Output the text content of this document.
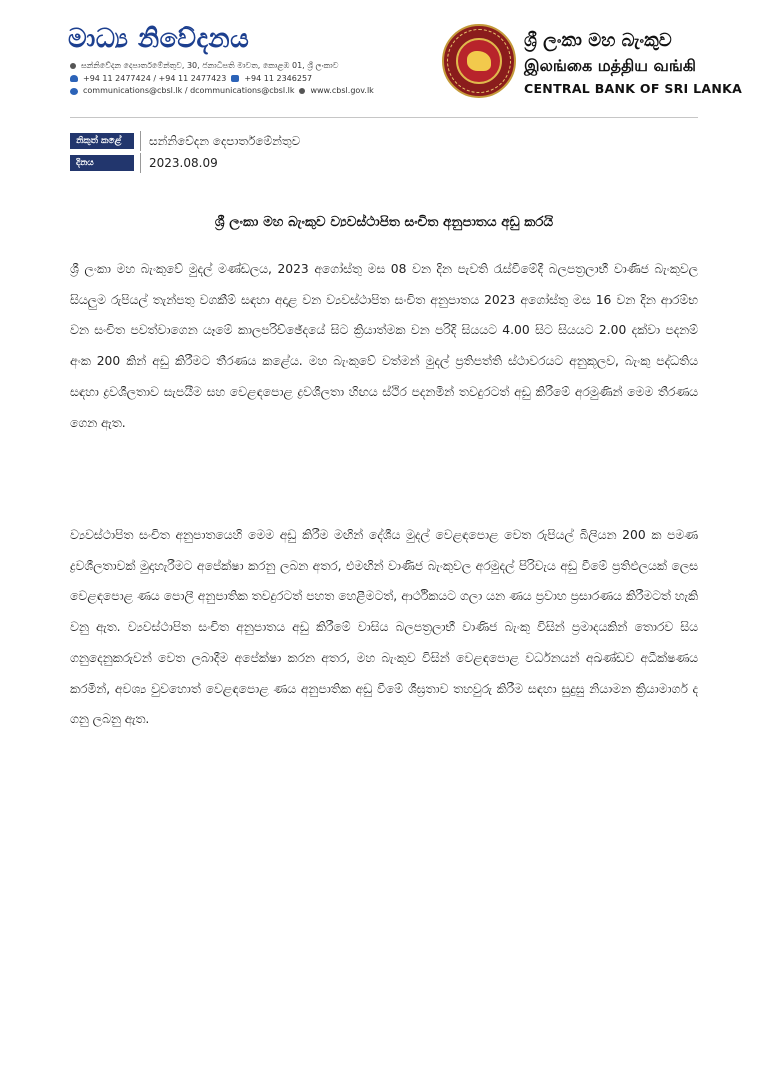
මාධ්‍ය නිවේදනය
සන්නිවේදන දෙපාර්තමේන්තුව, 30, ජනාධිපති මාවත, කොළඹ 01, ශ්‍රී ලංකාව
+94 11 2477424 / +94 11 2477423 +94 11 2346257
communications@cbsl.lk / dcommunications@cbsl.lk www.cbsl.gov.lk
ශ්‍රී ලංකා මහ බැංකුව
இலங்கை மத்திய வங்கி
CENTRAL BANK OF SRI LANKA
නිකුත් කළේ	සන්නිවේදන දෙපාර්තමේන්තුව
දිනය	2023.08.09
ශ්‍රී ලංකා මහ බැංකුව ව්‍යවස්ථාපිත සංචිත අනුපාතය අඩු කරයි

ශ්‍රී ලංකා මහ බැංකුවේ මුදල් මණ්ඩලය, 2023 අගෝස්තු මස 08 වන දින පැවති රැස්වීමේදී බලපත්‍රලාභී වාණිජ බැංකුවල සියලුම රුපියල් තැන්පතු වගකීම් සඳහා අදාළ වන ව්‍යවස්ථාපිත සංචිත අනුපාතය 2023 අගෝස්තු මස 16 වන දින ආරම්භ වන සංචිත පවත්වාගෙන යෑමේ කාලපරිච්ඡේදයේ සිට ක්‍රියාත්මක වන පරිදි සියයට 4.00 සිට සියයට 2.00 දක්වා පදනම් අංක 200 කින් අඩු කිරීමට තීරණය කළේය. මහ බැංකුවේ වත්මන් මුදල් ප්‍රතිපත්ති ස්ථාවරයට අනුකූලව, බැංකු පද්ධතිය සඳහා ද්‍රවශීලතාව සැපයීම සහ වෙළඳපොළ ද්‍රවශීලතා හිඟය ස්ථිර පදනමින් තවදුරටත් අඩු කිරීමේ අරමුණින් මෙම තීරණය ගෙන ඇත.

ව්‍යවස්ථාපිත සංචිත අනුපාතයෙහි මෙම අඩු කිරීම මඟින් දේශීය මුදල් වෙළඳපොළ වෙත රුපියල් බිලියන 200 ක පමණ ද්‍රවශීලතාවක් මුදාහැරීමට අපේක්ෂා කරනු ලබන අතර, එමඟින් වාණිජ බැංකුවල අරමුදල් පිරිවැය අඩු වීමේ ප්‍රතිඵලයක් ලෙස වෙළඳපොළ ණය පොලී අනුපාතික තවදුරටත් පහත හෙළීමටත්, ආර්ථිකයට ගලා යන ණය ප්‍රවාහ ප්‍රසාරණය කිරීමටත් හැකි වනු ඇත. ව්‍යවස්ථාපිත සංචිත අනුපාතය අඩු කිරීමේ වාසිය බලපත්‍රලාභී වාණිජ බැංකු විසින් ප්‍රමාදයකින් තොරව සිය ගනුදෙනුකරුවන් වෙත ලබාදීම අපේක්ෂා කරන අතර, මහ බැංකුව විසින් වෙළඳපොළ වර්ධනයන් අඛණ්ඩව අධීක්ෂණය කරමින්, අවශ්‍ය වුවහොත් වෙළඳපොළ ණය අනුපාතික අඩු වීමේ ශීඝ්‍රතාව තහවුරු කිරීම සඳහා සුදුසු නියාමන ක්‍රියාමාර්ග ද ගනු ලබනු ඇත.
